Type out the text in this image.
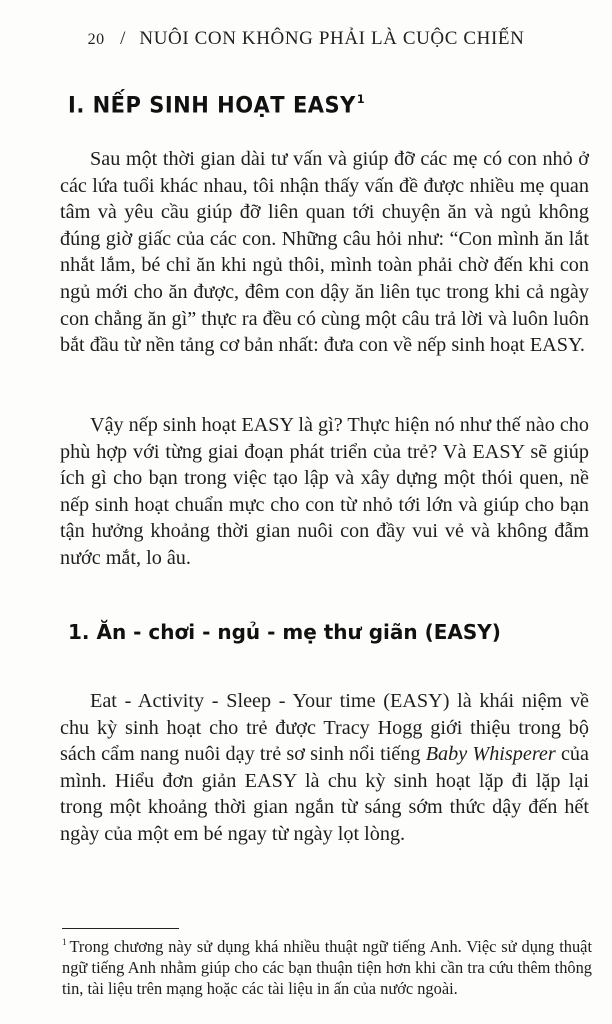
20 / NUÔI CON KHÔNG PHẢI LÀ CUỘC CHIẾN
I. NẾP SINH HOẠT EASY$^1$

Sau một thời gian dài tư vấn và giúp đỡ các mẹ có con nhỏ ở các lứa tuổi khác nhau, tôi nhận thấy vấn đề được nhiều mẹ quan tâm và yêu cầu giúp đỡ liên quan tới chuyện ăn và ngủ không đúng giờ giấc của các con. Những câu hỏi như: “Con mình ăn lắt nhắt lắm, bé chỉ ăn khi ngủ thôi, mình toàn phải chờ đến khi con ngủ mới cho ăn được, đêm con dậy ăn liên tục trong khi cả ngày con chẳng ăn gì” thực ra đều có cùng một câu trả lời và luôn luôn bắt đầu từ nền tảng cơ bản nhất: đưa con về nếp sinh hoạt EASY.

Vậy nếp sinh hoạt EASY là gì? Thực hiện nó như thế nào cho phù hợp với từng giai đoạn phát triển của trẻ? Và EASY sẽ giúp ích gì cho bạn trong việc tạo lập và xây dựng một thói quen, nề nếp sinh hoạt chuẩn mực cho con từ nhỏ tới lớn và giúp cho bạn tận hưởng khoảng thời gian nuôi con đầy vui vẻ và không đẫm nước mắt, lo âu.

1. Ăn - chơi - ngủ - mẹ thư giãn (EASY)

Eat - Activity - Sleep - Your time (EASY) là khái niệm về chu kỳ sinh hoạt cho trẻ được Tracy Hogg giới thiệu trong bộ sách cẩm nang nuôi dạy trẻ sơ sinh nổi tiếng Baby Whisperer của mình. Hiểu đơn giản EASY là chu kỳ sinh hoạt lặp đi lặp lại trong một khoảng thời gian ngắn từ sáng sớm thức dậy đến hết ngày của một em bé ngay từ ngày lọt lòng.

$^1$ Trong chương này sử dụng khá nhiều thuật ngữ tiếng Anh. Việc sử dụng thuật ngữ tiếng Anh nhằm giúp cho các bạn thuận tiện hơn khi cần tra cứu thêm thông tin, tài liệu trên mạng hoặc các tài liệu in ấn của nước ngoài.
